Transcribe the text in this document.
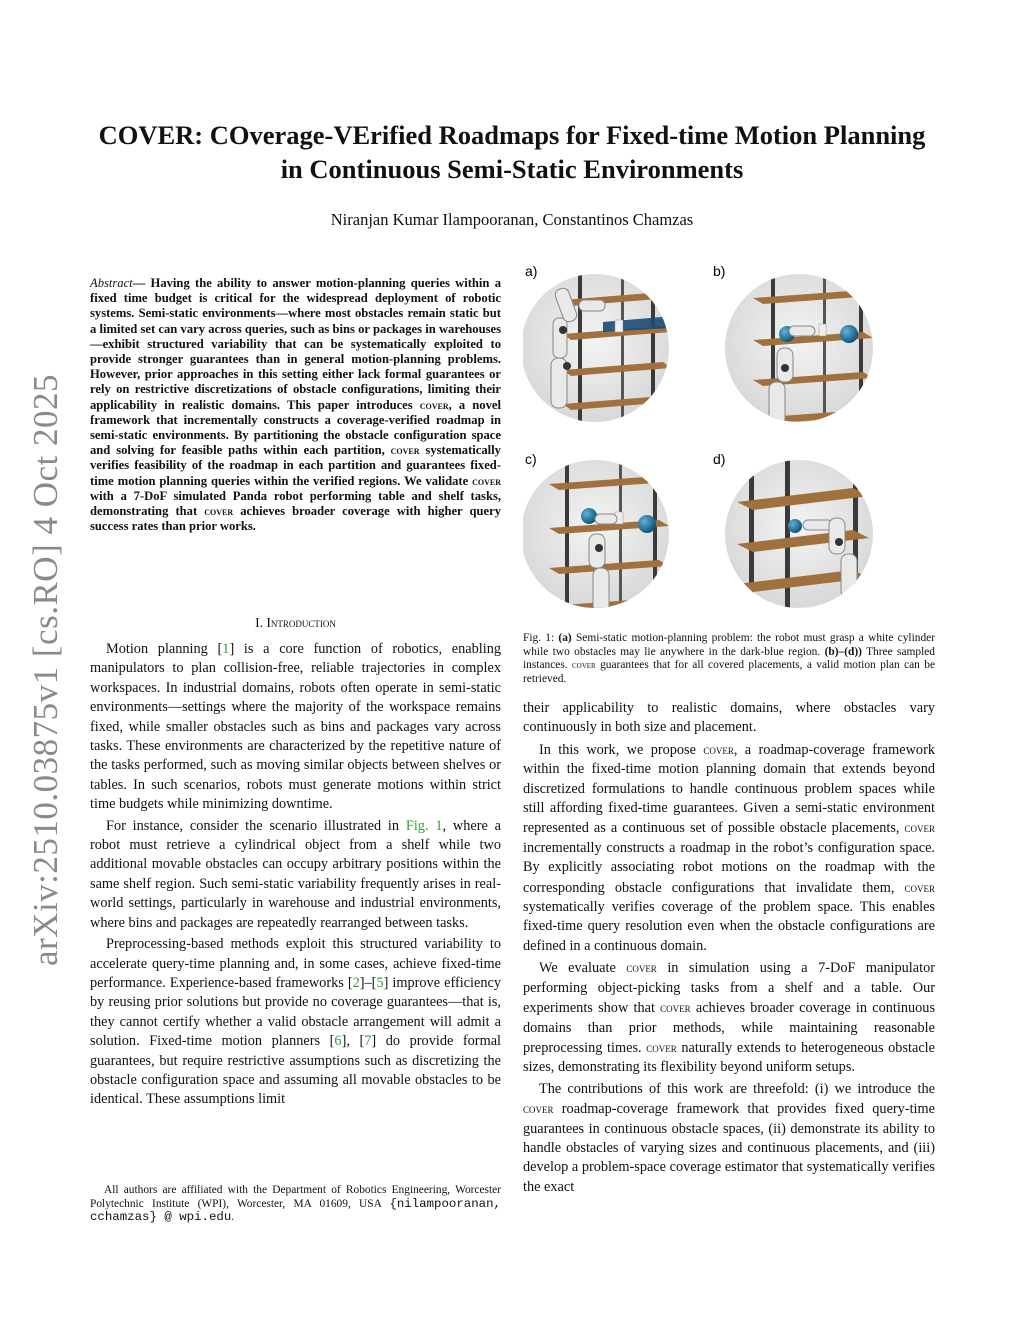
arXiv:2510.03875v1 [cs.RO] 4 Oct 2025
COVER: COverage-VErified Roadmaps for Fixed-time Motion Planning
in Continuous Semi-Static Environments
Niranjan Kumar Ilampooranan, Constantinos Chamzas
Abstract— Having the ability to answer motion-planning queries within a fixed time budget is critical for the widespread deployment of robotic systems. Semi-static environments—where most obstacles remain static but a limited set can vary across queries, such as bins or packages in warehouses—exhibit structured variability that can be systematically exploited to provide stronger guarantees than in general motion-planning problems. However, prior approaches in this setting either lack formal guarantees or rely on restrictive discretizations of obstacle configurations, limiting their applicability in realistic domains. This paper introduces cover, a novel framework that incrementally constructs a coverage-verified roadmap in semi-static environments. By partitioning the obstacle configuration space and solving for feasible paths within each partition, cover systematically verifies feasibility of the roadmap in each partition and guarantees fixed-time motion planning queries within the verified regions. We validate cover with a 7-DoF simulated Panda robot performing table and shelf tasks, demonstrating that cover achieves broader coverage with higher query success rates than prior works.
I. Introduction

Motion planning [1] is a core function of robotics, enabling manipulators to plan collision-free, reliable trajectories in complex workspaces. In industrial domains, robots often operate in semi-static environments—settings where the majority of the workspace remains fixed, while smaller obstacles such as bins and packages vary across tasks. These environments are characterized by the repetitive nature of the tasks performed, such as moving similar objects between shelves or tables. In such scenarios, robots must generate motions within strict time budgets while minimizing downtime.

For instance, consider the scenario illustrated in Fig. 1, where a robot must retrieve a cylindrical object from a shelf while two additional movable obstacles can occupy arbitrary positions within the same shelf region. Such semi-static variability frequently arises in real-world settings, particularly in warehouse and industrial environments, where bins and packages are repeatedly rearranged between tasks.

Preprocessing-based methods exploit this structured variability to accelerate query-time planning and, in some cases, achieve fixed-time performance. Experience-based frameworks [2]–[5] improve efficiency by reusing prior solutions but provide no coverage guarantees—that is, they cannot certify whether a valid obstacle arrangement will admit a solution. Fixed-time motion planners [6], [7] do provide formal guarantees, but require restrictive assumptions such as discretizing the obstacle configuration space and assuming all movable obstacles to be identical. These assumptions limit

All authors are affiliated with the Department of Robotics Engineering, Worcester Polytechnic Institute (WPI), Worcester, MA 01609, USA {nilampooranan, cchamzas} @ wpi.edu.

a)	b)
c)	d)
Fig. 1: (a) Semi-static motion-planning problem: the robot must grasp a white cylinder while two obstacles may lie anywhere in the dark-blue region. (b)–(d)) Three sampled instances. cover guarantees that for all covered placements, a valid motion plan can be retrieved.

their applicability to realistic domains, where obstacles vary continuously in both size and placement.

In this work, we propose cover, a roadmap-coverage framework within the fixed-time motion planning domain that extends beyond discretized formulations to handle continuous problem spaces while still affording fixed-time guarantees. Given a semi-static environment represented as a continuous set of possible obstacle placements, cover incrementally constructs a roadmap in the robot’s configuration space. By explicitly associating robot motions on the roadmap with the corresponding obstacle configurations that invalidate them, cover systematically verifies coverage of the problem space. This enables fixed-time query resolution even when the obstacle configurations are defined in a continuous domain.

We evaluate cover in simulation using a 7-DoF manipulator performing object-picking tasks from a shelf and a table. Our experiments show that cover achieves broader coverage in continuous domains than prior methods, while maintaining reasonable preprocessing times. cover naturally extends to heterogeneous obstacle sizes, demonstrating its flexibility beyond uniform setups.

The contributions of this work are threefold: (i) we introduce the cover roadmap-coverage framework that provides fixed query-time guarantees in continuous obstacle spaces, (ii) demonstrate its ability to handle obstacles of varying sizes and continuous placements, and (iii) develop a problem-space coverage estimator that systematically verifies the exact
